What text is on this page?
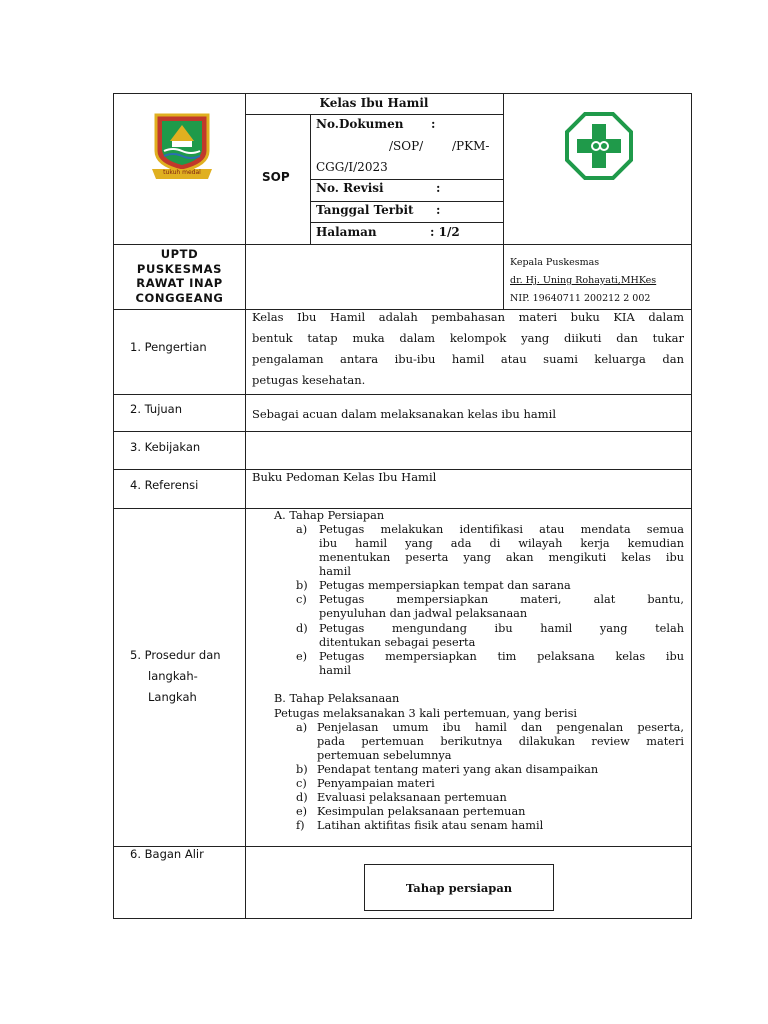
tukuh medal
Kelas Ibu Hamil
SOP
No.Dokumen :
/SOP/ /PKM-
CGG/I/2023
No. Revisi	:
Tanggal Terbit :
Halaman	: 1/2
UPTD
PUSKESMAS
RAWAT INAP
CONGGEANG
Kepala Puskesmas
dr. Hj. Uning Rohayati,MHKes
NIP. 19640711 200212 2 002
1. Pengertian
Kelas Ibu Hamil adalah pembahasan materi buku KIA dalam
bentuk tatap muka dalam kelompok yang diikuti dan tukar
pengalaman antara ibu-ibu hamil atau suami keluarga dan
petugas kesehatan.
2. Tujuan	Sebagai acuan dalam melaksanakan kelas ibu hamil
3. Kebijakan
4. Referensi
Buku Pedoman Kelas Ibu Hamil
5. Prosedur dan
langkah-
Langkah
A. Tahap Persiapan
a) Petugas melakukan identifikasi atau mendata semua
ibu hamil yang ada di wilayah kerja kemudian
menentukan peserta yang akan mengikuti kelas ibu
hamil
b) Petugas mempersiapkan tempat dan sarana
c) Petugas mempersiapkan materi, alat bantu,
penyuluhan dan jadwal pelaksanaan
d) Petugas mengundang ibu hamil yang telah
ditentukan sebagai peserta
e) Petugas mempersiapkan tim pelaksana kelas ibu
hamil
B. Tahap Pelaksanaan
Petugas melaksanakan 3 kali pertemuan, yang berisi
a) Penjelasan umum ibu hamil dan pengenalan peserta,
pada pertemuan berikutnya dilakukan review materi
pertemuan sebelumnya
b) Pendapat tentang materi yang akan disampaikan
c) Penyampaian materi
d) Evaluasi pelaksanaan pertemuan
e) Kesimpulan pelaksanaan pertemuan
f) Latihan aktifitas fisik atau senam hamil
6. Bagan Alir
Tahap persiapan
